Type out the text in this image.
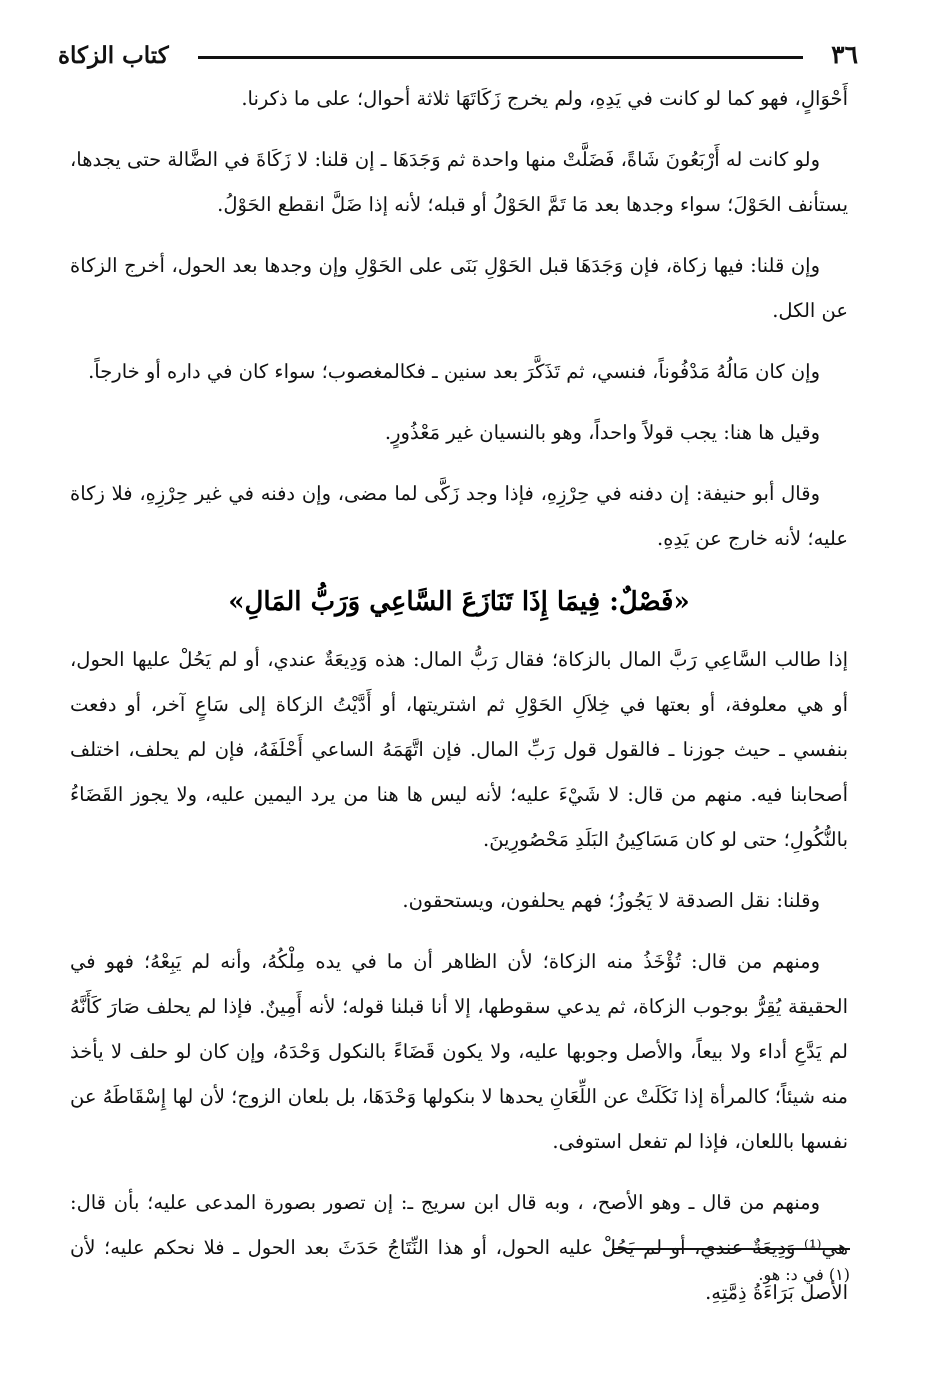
٣٦
كتاب الزكاة

أَحْوَالٍ، فهو كما لو كانت في يَدِهِ، ولم يخرج زَكَاتَهَا ثلاثة أحوال؛ على ما ذكرنا.

ولو كانت له أَرْبَعُونَ شَاةً، فَضَلَّتْ منها واحدة ثم وَجَدَهَا ـ إن قلنا: لا زَكَاةَ في الضَّالة حتى يجدها، يستأنف الحَوْلَ؛ سواء وجدها بعد مَا تَمَّ الحَوْلُ أو قبله؛ لأنه إذا ضَلَّ انقطع الحَوْلُ.

وإن قلنا: فيها زكاة، فإن وَجَدَهَا قبل الحَوْلِ بَنَى على الحَوْلِ وإن وجدها بعد الحول، أخرج الزكاة عن الكل.

وإن كان مَالُهُ مَدْفُوناً، فنسي، ثم تَذَكَّرَ بعد سنين ـ فكالمغصوب؛ سواء كان في داره أو خارجاً.

وقيل ها هنا: يجب قولاً واحداً، وهو بالنسيان غير مَعْذُورٍ.

وقال أبو حنيفة: إن دفنه في حِرْزِهِ، فإذا وجد زَكَّى لما مضى، وإن دفنه في غير حِرْزِهِ، فلا زكاة عليه؛ لأنه خارج عن يَدِهِ.

«فَصْلٌ: فِيمَا إِذَا تَنَازَعَ السَّاعِي وَرَبُّ المَالِ»

إذا طالب السَّاعِي رَبَّ المال بالزكاة؛ فقال رَبُّ المال: هذه وَدِيعَةٌ عندي، أو لم يَحُلْ عليها الحول، أو هي معلوفة، أو بعتها في خِلاَلِ الحَوْلِ ثم اشتريتها، أو أَدَّيْتُ الزكاة إلى سَاعٍ آخر، أو دفعت بنفسي ـ حيث جوزنا ـ فالقول قول رَبِّ المال. فإن اتَّهَمَهُ الساعي أَحْلَفَهُ، فإن لم يحلف، اختلف أصحابنا فيه. منهم من قال: لا شَيْءَ عليه؛ لأنه ليس ها هنا من يرد اليمين عليه، ولا يجوز القَضَاءُ بالنُّكُولِ؛ حتى لو كان مَسَاكِينُ البَلَدِ مَحْصُورِينَ.

وقلنا: نقل الصدقة لا يَجُوزُ؛ فهم يحلفون، ويستحقون.

ومنهم من قال: تُؤْخَذُ منه الزكاة؛ لأن الظاهر أن ما في يده مِلْكُهُ، وأنه لم يَبِعْهُ؛ فهو في الحقيقة يُقِرُّ بوجوب الزكاة، ثم يدعي سقوطها، إلا أنا قبلنا قوله؛ لأنه أَمِينٌ. فإذا لم يحلف صَارَ كَأَنَّهُ لم يَدَّعِ أداء ولا بيعاً، والأصل وجوبها عليه، ولا يكون قَضَاءً بالنكول وَحْدَهُ، وإن كان لو حلف لا يأخذ منه شيئاً؛ كالمرأة إذا نَكَلَتْ عن اللِّعَانِ يحدها لا بنكولها وَحْدَهَا، بل بلعان الزوج؛ لأن لها إِسْقَاطَهُ عن نفسها باللعان، فإذا لم تفعل استوفى.

ومنهم من قال ـ وهو الأصح، ، وبه قال ابن سريج ـ: إن تصور بصورة المدعى عليه؛ بأن قال: هي⁽¹⁾ وَدِيعَةٌ عندي، أو لم يَحُلْ عليه الحول، أو هذا النِّتَاجُ حَدَثَ بعد الحول ـ فلا نحكم عليه؛ لأن الأصل بَرَاءَةُ ذِمَّتِهِ.

(١) في د: هو.
